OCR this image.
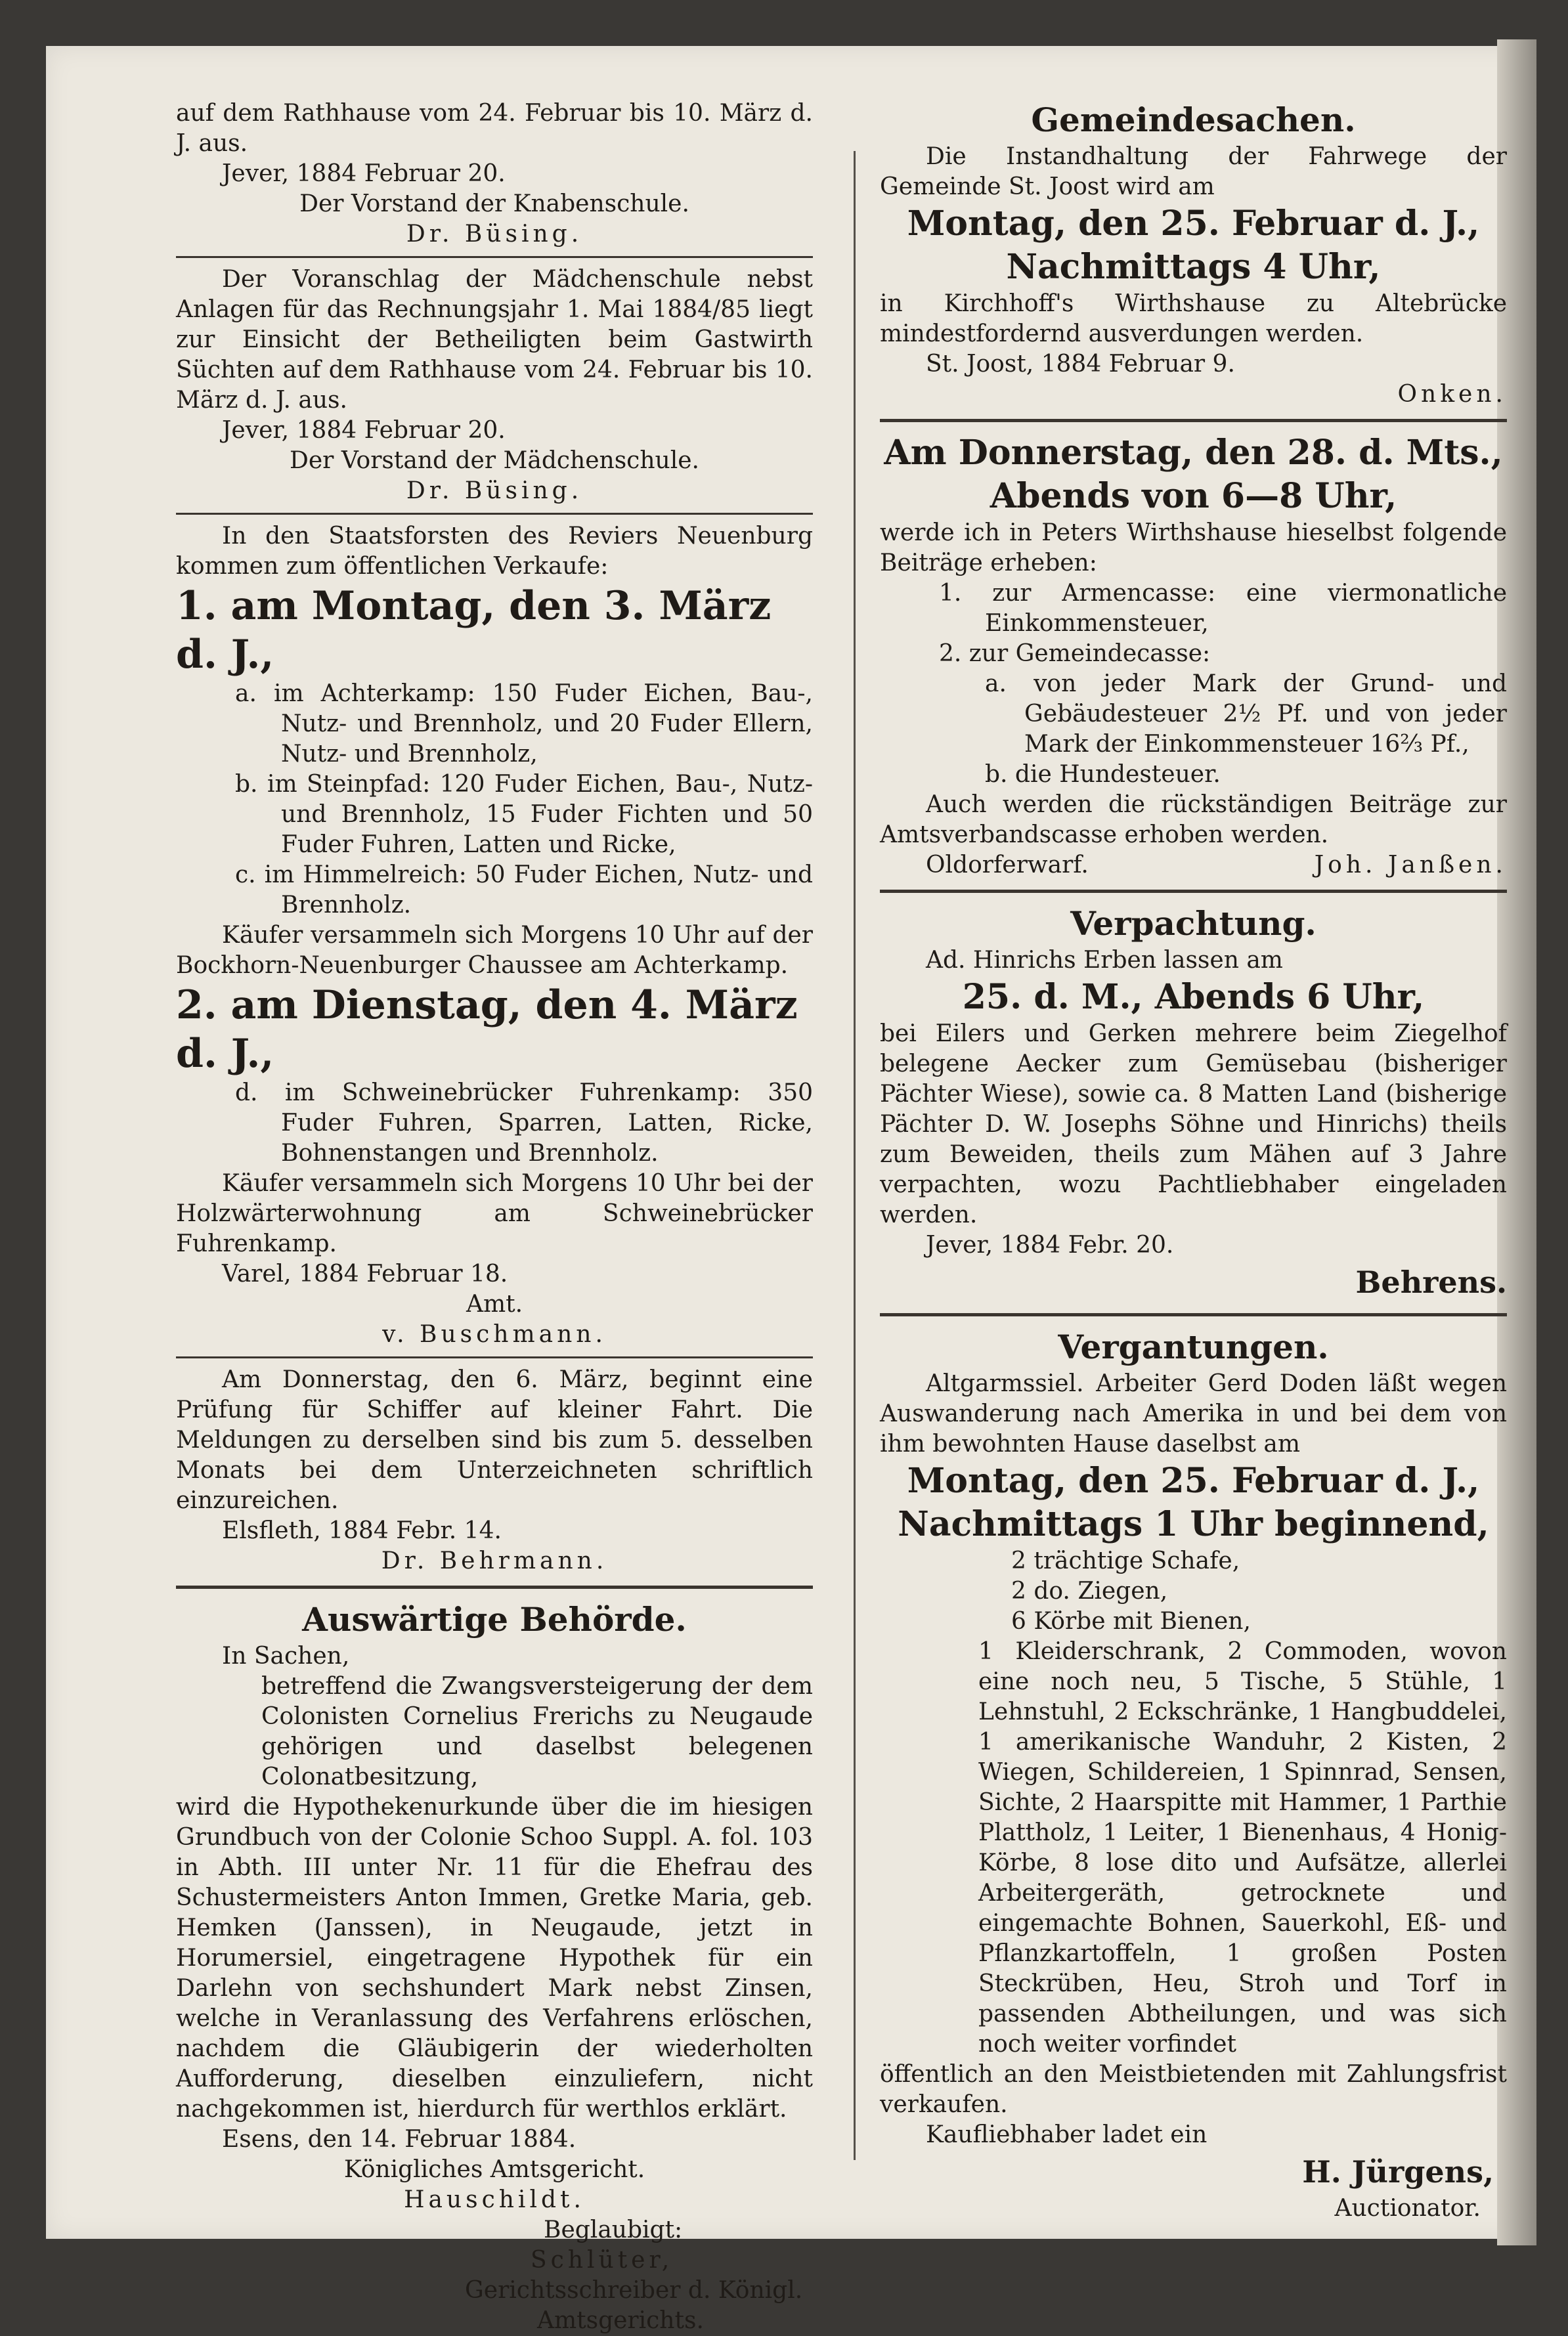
auf dem Rathhause vom 24. Februar bis 10. März d. J. aus.

Jever, 1884 Februar 20.

Der Vorstand der Knabenschule.

Dr. Büsing.

Der Voranschlag der Mädchenschule nebst Anlagen für das Rechnungsjahr 1. Mai 1884/85 liegt zur Einsicht der Betheiligten beim Gastwirth Süchten auf dem Rathhause vom 24. Februar bis 10. März d. J. aus.

Jever, 1884 Februar 20.

Der Vorstand der Mädchenschule.

Dr. Büsing.

In den Staatsforsten des Reviers Neuenburg kommen zum öffentlichen Verkaufe:

1. am Montag, den 3. März d. J.,

a. im Achterkamp: 150 Fuder Eichen, Bau-, Nutz- und Brennholz, und 20 Fuder Ellern, Nutz- und Brennholz,

b. im Steinpfad: 120 Fuder Eichen, Bau-, Nutz- und Brennholz, 15 Fuder Fichten und 50 Fuder Fuhren, Latten und Ricke,

c. im Himmelreich: 50 Fuder Eichen, Nutz- und Brennholz.

Käufer versammeln sich Morgens 10 Uhr auf der Bockhorn-Neuenburger Chaussee am Achterkamp.

2. am Dienstag, den 4. März d. J.,

d. im Schweinebrücker Fuhrenkamp: 350 Fuder Fuhren, Sparren, Latten, Ricke, Bohnenstangen und Brennholz.

Käufer versammeln sich Morgens 10 Uhr bei der Holzwärterwohnung am Schweinebrücker Fuhrenkamp.

Varel, 1884 Februar 18.

Amt.

v. Buschmann.

Am Donnerstag, den 6. März, beginnt eine Prüfung für Schiffer auf kleiner Fahrt. Die Meldungen zu derselben sind bis zum 5. desselben Monats bei dem Unterzeichneten schriftlich einzureichen.

Elsfleth, 1884 Febr. 14.

Dr. Behrmann.

Auswärtige Behörde.

In Sachen,

betreffend die Zwangsversteigerung der dem Colonisten Cornelius Frerichs zu Neugaude gehörigen und daselbst belegenen Colonatbesitzung,

wird die Hypothekenurkunde über die im hiesigen Grundbuch von der Colonie Schoo Suppl. A. fol. 103 in Abth. III unter Nr. 11 für die Ehefrau des Schustermeisters Anton Immen, Gretke Maria, geb. Hemken (Janssen), in Neugaude, jetzt in Horumersiel, eingetragene Hypothek für ein Darlehn von sechshundert Mark nebst Zinsen, welche in Veranlassung des Verfahrens erlöschen, nachdem die Gläubigerin der wiederholten Aufforderung, dieselben einzuliefern, nicht nachgekommen ist, hierdurch für werthlos erklärt.

Esens, den 14. Februar 1884.

Königliches Amtsgericht.

Hauschildt.

Beglaubigt:

Schlüter,

Gerichtsschreiber d. Königl.

Amtsgerichts.

Gemeindesachen.

Die Instandhaltung der Fahrwege der Gemeinde St. Joost wird am

Montag, den 25. Februar d. J.,

Nachmittags 4 Uhr,

in Kirchhoff's Wirthshause zu Altebrücke mindestfordernd ausverdungen werden.

St. Joost, 1884 Februar 9.

Onken.

Am Donnerstag, den 28. d. Mts.,

Abends von 6—8 Uhr,

werde ich in Peters Wirthshause hieselbst folgende Beiträge erheben:

1. zur Armencasse: eine viermonatliche Einkommensteuer,

2. zur Gemeindecasse:

a. von jeder Mark der Grund- und Gebäudesteuer 2½ Pf. und von jeder Mark der Einkommensteuer 16⅔ Pf.,

b. die Hundesteuer.

Auch werden die rückständigen Beiträge zur Amtsverbandscasse erhoben werden.

Oldorferwarf.	Joh. Janßen.

Verpachtung.

Ad. Hinrichs Erben lassen am

25. d. M., Abends 6 Uhr,

bei Eilers und Gerken mehrere beim Ziegelhof belegene Aecker zum Gemüsebau (bisheriger Pächter Wiese), sowie ca. 8 Matten Land (bisherige Pächter D. W. Josephs Söhne und Hinrichs) theils zum Beweiden, theils zum Mähen auf 3 Jahre verpachten, wozu Pachtliebhaber eingeladen werden.

Jever, 1884 Febr. 20.

Behrens.

Vergantungen.

Altgarmssiel. Arbeiter Gerd Doden läßt wegen Auswanderung nach Amerika in und bei dem von ihm bewohnten Hause daselbst am

Montag, den 25. Februar d. J.,

Nachmittags 1 Uhr beginnend,

2 trächtige Schafe,

2 do. Ziegen,

6 Körbe mit Bienen,

1 Kleiderschrank, 2 Commoden, wovon eine noch neu, 5 Tische, 5 Stühle, 1 Lehnstuhl, 2 Eckschränke, 1 Hangbuddelei, 1 amerikanische Wanduhr, 2 Kisten, 2 Wiegen, Schildereien, 1 Spinnrad, Sensen, Sichte, 2 Haarspitte mit Hammer, 1 Parthie Plattholz, 1 Leiter, 1 Bienenhaus, 4 Honig-Körbe, 8 lose dito und Aufsätze, allerlei Arbeitergeräth, getrocknete und eingemachte Bohnen, Sauerkohl, Eß- und Pflanzkartoffeln, 1 großen Posten Steckrüben, Heu, Stroh und Torf in passenden Abtheilungen, und was sich noch weiter vorfindet

öffentlich an den Meistbietenden mit Zahlungsfrist verkaufen.

Kaufliebhaber ladet ein

H. Jürgens,

Auctionator.
